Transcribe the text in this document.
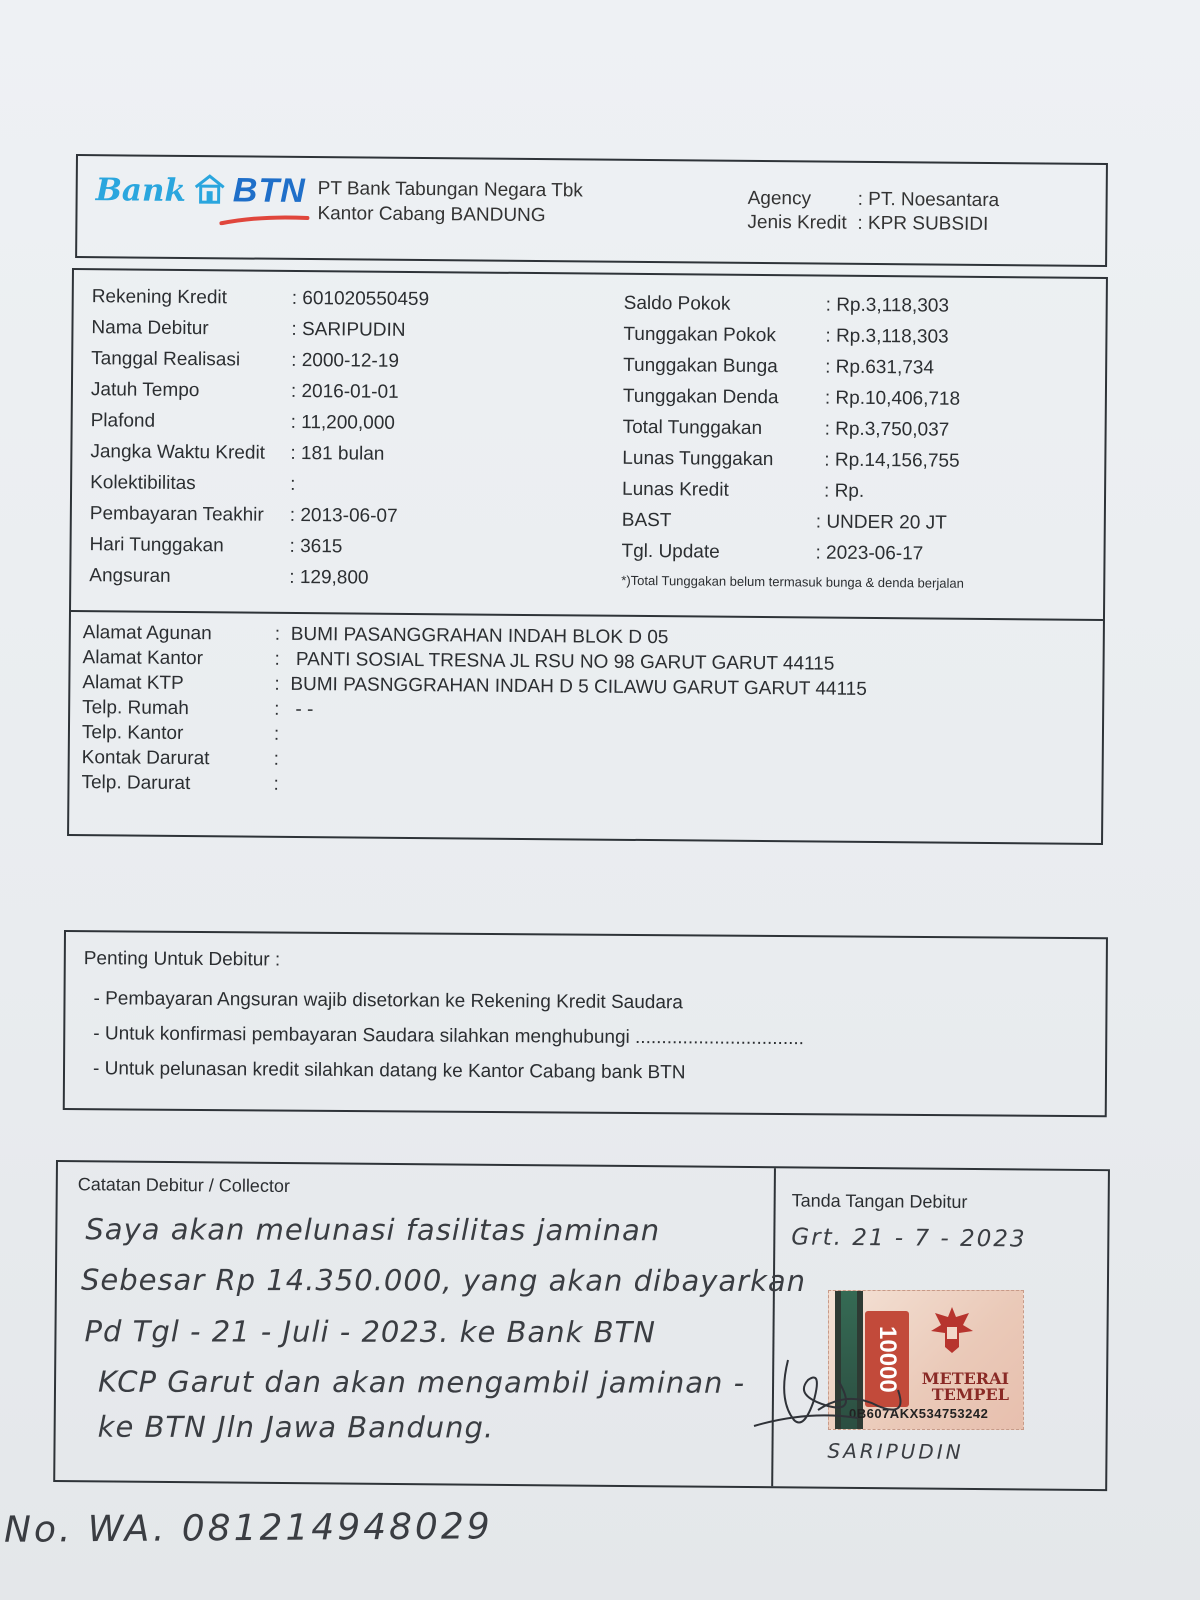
Bank BTN PT Bank Tabungan Negara Tbk
Kantor Cabang BANDUNG
Agency : PT. Noesantara
Jenis Kredit : KPR SUBSIDI
Rekening Kredit	: 601020550459
Nama Debitur	: SARIPUDIN
Tanggal Realisasi	: 2000-12-19
Jatuh Tempo	: 2016-01-01
Plafond	: 11,200,000
Jangka Waktu Kredit : 181 bulan
Kolektibilitas	:
Pembayaran Teakhir : 2013-06-07
Hari Tunggakan	: 3615
Angsuran	: 129,800
Saldo Pokok	: Rp.3,118,303
Tunggakan Pokok	: Rp.3,118,303
Tunggakan Bunga : Rp.631,734
Tunggakan Denda : Rp.10,406,718
Total Tunggakan	: Rp.3,750,037
Lunas Tunggakan	: Rp.14,156,755
Lunas Kredit	: Rp.
BAST	: UNDER 20 JT
Tgl. Update	: 2023-06-17
*)Total Tunggakan belum termasuk bunga & denda berjalan
Alamat Agunan	: BUMI PASANGGRAHAN INDAH BLOK D 05
Alamat Kantor	: PANTI SOSIAL TRESNA JL RSU NO 98 GARUT GARUT 44115
Alamat KTP	: BUMI PASNGGRAHAN INDAH D 5 CILAWU GARUT GARUT 44115
Telp. Rumah	: - -
Telp. Kantor	:
Kontak Darurat	:
Telp. Darurat	:
Penting Untuk Debitur :
- Pembayaran Angsuran wajib disetorkan ke Rekening Kredit Saudara
- Untuk konfirmasi pembayaran Saudara silahkan menghubungi ................................
- Untuk pelunasan kredit silahkan datang ke Kantor Cabang bank BTN
Catatan Debitur / Collector
Saya akan melunasi fasilitas jaminan
Sebesar Rp 14.350.000, yang akan dibayarkan
Pd Tgl - 21 - Juli - 2023. ke Bank BTN
KCP Garut dan akan mengambil jaminan -
ke BTN Jln Jawa Bandung.
Tanda Tangan Debitur
Grt. 21 - 7 - 2023
SARIPUDIN
10000	METERAI
TEMPEL
0B607AKX534753242
No. WA. 081214948029
